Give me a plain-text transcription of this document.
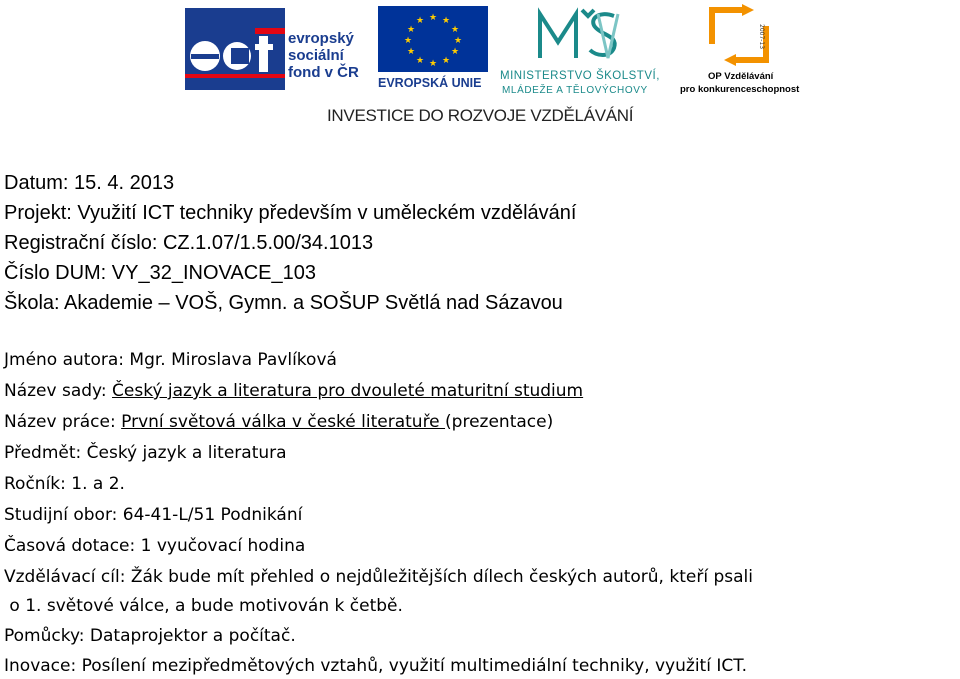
evropský
sociální
fond v ČR
★ ★
★
★
★
★
★
★
★
★
★
★
EVROPSKÁ UNIE	MINISTERSTVO ŠKOLSTVÍ,
MLÁDEŽE A TĚLOVÝCHOVY
2007-13
OP Vzdělávání
pro konkurenceschopnost
INVESTICE DO ROZVOJE VZDĚLÁVÁNÍ
Datum: 15. 4. 2013
Projekt: Využití ICT techniky především v uměleckém vzdělávání
Registrační číslo: CZ.1.07/1.5.00/34.1013
Číslo DUM: VY_32_INOVACE_103
Škola: Akademie – VOŠ, Gymn. a SOŠUP Světlá nad Sázavou
Jméno autora: Mgr. Miroslava Pavlíková
Název sady: Český jazyk a literatura pro dvouleté maturitní studium
Název práce: První světová válka v české literatuře (prezentace)
Předmět: Český jazyk a literatura
Ročník: 1. a 2.
Studijní obor: 64-41-L/51 Podnikání
Časová dotace: 1 vyučovací hodina
Vzdělávací cíl: Žák bude mít přehled o nejdůležitějších dílech českých autorů, kteří psali
o 1. světové válce, a bude motivován k četbě.
Pomůcky: Dataprojektor a počítač.
Inovace: Posílení mezipředmětových vztahů, využití multimediální techniky, využití ICT.
